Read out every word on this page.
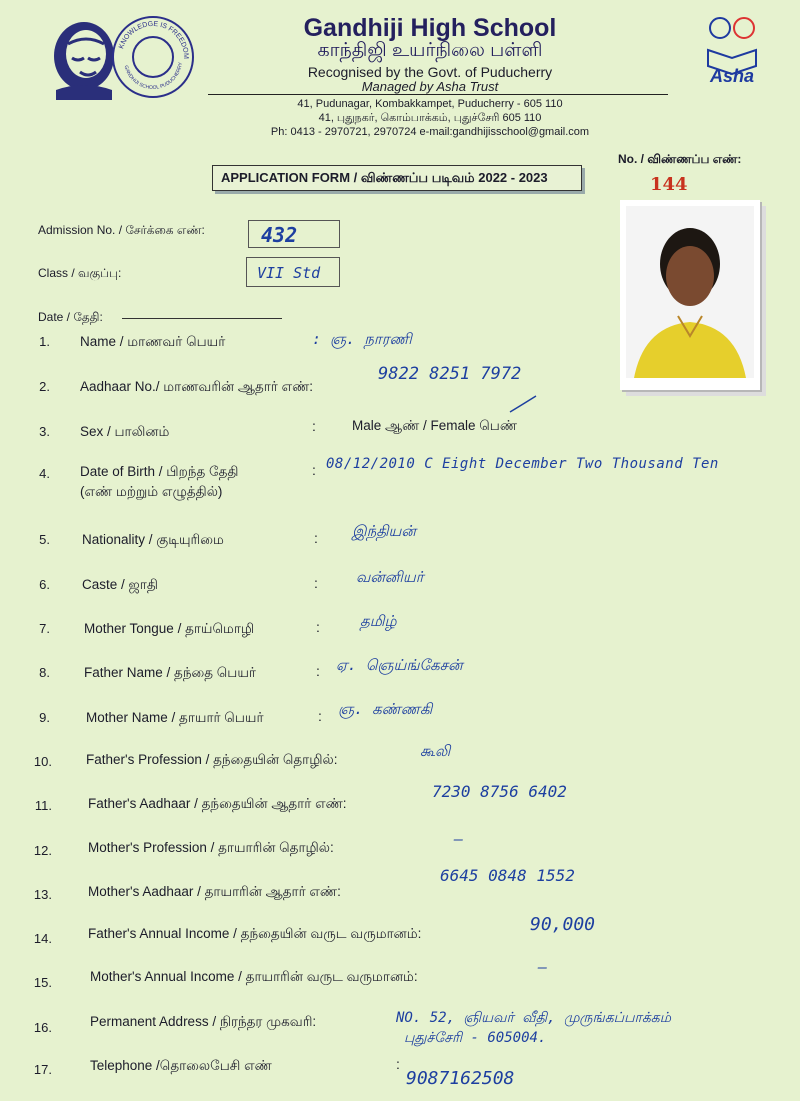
KNOWLEDGE IS FREEDOM
GANDHIJI SCHOOL PUDUCHERRY
Gandhiji High School
காந்திஜி உயர்நிலை பள்ளி
Recognised by the Govt. of Puducherry
Managed by Asha Trust
41, Pudunagar, Kombakkampet, Puducherry - 605 110
41, புதுநகர், கொம்பாக்கம், புதுச்சேரி 605 110
Ph: 0413 - 2970721, 2970724 e-mail:gandhijisschool@gmail.com
Asha
APPLICATION FORM / விண்ணப்ப படிவம் 2022 - 2023
No. / விண்ணப்ப எண்:
144
Admission No. / சேர்க்கை எண்:	432
Class / வகுப்பு:	VII Std
Date / தேதி:
1. Name / மாணவர் பெயர்	: ஞ. நாரணி
2. Aadhaar No./ மாணவரின் ஆதார் எண்:
9822 8251 7972
3. Sex / பாலினம்	:	Male ஆண் / Female பெண்
4. Date of Birth / பிறந்த தேதி
(எண் மற்றும் எழுத்தில்)
: 08/12/2010 C Eight December Two Thousand Ten
5. Nationality / குடியுரிமை	: இந்தியன்
6. Caste / ஜாதி	:	வன்னியர்
7.	Mother Tongue / தாய்மொழி	:	தமிழ்
8.	Father Name / தந்தை பெயர்	: ஏ. ஞெய்ங்கேசன்
9.	Mother Name / தாயார் பெயர்	: ஞ. கண்ணகி
10.	Father's Profession / தந்தையின் தொழில்:	கூலி
11.	Father's Aadhaar / தந்தையின் ஆதார் எண்:
7230 8756 6402
12.	Mother's Profession / தாயாரின் தொழில்:	–
13.	Mother's Aadhaar / தாயாரின் ஆதார் எண்:
6645 0848 1552
14.	Father's Annual Income / தந்தையின் வருட வருமானம்:	90,000
15.	Mother's Annual Income / தாயாரின் வருட வருமானம்:
–
16.	Permanent Address / நிரந்தர முகவரி:	NO. 52, ஞியவர் வீதி, முருங்கப்பாக்கம்
புதுச்சேரி - 605004.
17.	Telephone /தொலைபேசி எண்	:
9087162508
